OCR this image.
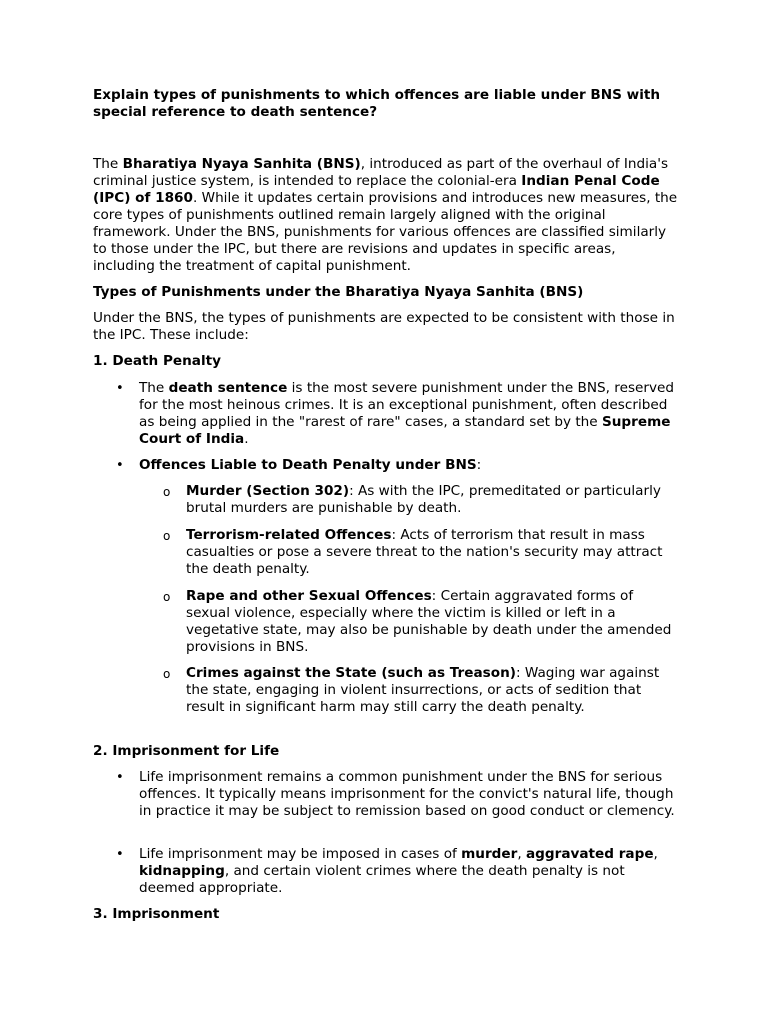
Explain types of punishments to which offences are liable under BNS with special reference to death sentence?

The Bharatiya Nyaya Sanhita (BNS), introduced as part of the overhaul of India's criminal justice system, is intended to replace the colonial-era Indian Penal Code (IPC) of 1860. While it updates certain provisions and introduces new measures, the core types of punishments outlined remain largely aligned with the original framework. Under the BNS, punishments for various offences are classified similarly to those under the IPC, but there are revisions and updates in specific areas, including the treatment of capital punishment.

Types of Punishments under the Bharatiya Nyaya Sanhita (BNS)

Under the BNS, the types of punishments are expected to be consistent with those in the IPC. These include:

1. Death Penalty

•	The death sentence is the most severe punishment under the BNS, reserved for the most heinous crimes. It is an exceptional punishment, often described as being applied in the "rarest of rare" cases, a standard set by the Supreme Court of India.

•	Offences Liable to Death Penalty under BNS:

o	Murder (Section 302): As with the IPC, premeditated or particularly brutal murders are punishable by death.

o	Terrorism-related Offences: Acts of terrorism that result in mass casualties or pose a severe threat to the nation's security may attract the death penalty.

o	Rape and other Sexual Offences: Certain aggravated forms of sexual violence, especially where the victim is killed or left in a vegetative state, may also be punishable by death under the amended provisions in BNS.

o	Crimes against the State (such as Treason): Waging war against the state, engaging in violent insurrections, or acts of sedition that result in significant harm may still carry the death penalty.

2. Imprisonment for Life

•	Life imprisonment remains a common punishment under the BNS for serious offences. It typically means imprisonment for the convict's natural life, though in practice it may be subject to remission based on good conduct or clemency.

•	Life imprisonment may be imposed in cases of murder, aggravated rape, kidnapping, and certain violent crimes where the death penalty is not deemed appropriate.

3. Imprisonment
